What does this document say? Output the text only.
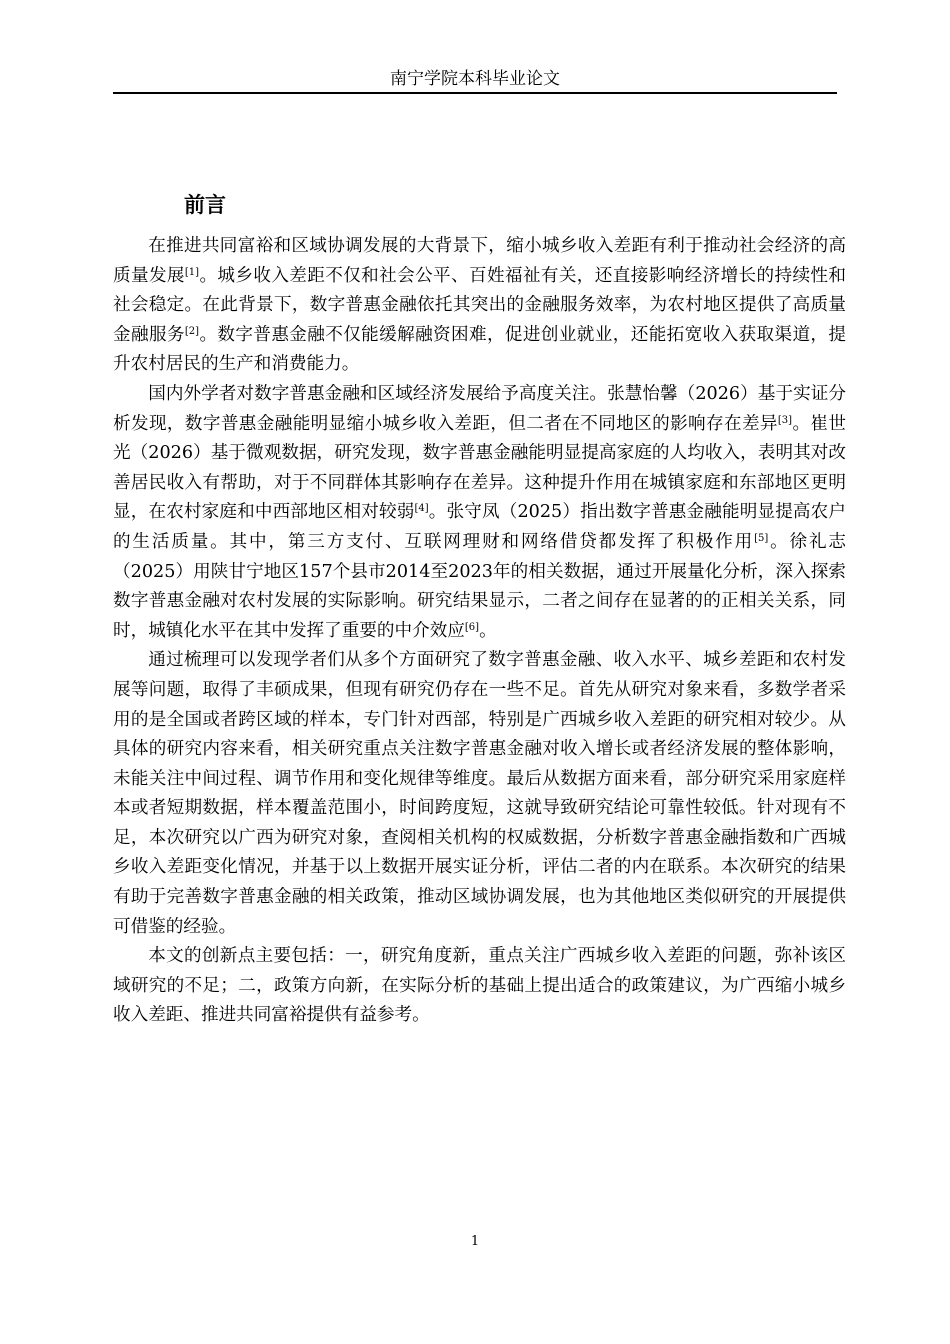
南宁学院本科毕业论文
前言

在推进共同富裕和区域协调发展的大背景下，缩小城乡收入差距有利于推动社会经济的高质量发展[1]。城乡收入差距不仅和社会公平、百姓福祉有关，还直接影响经济增长的持续性和社会稳定。在此背景下，数字普惠金融依托其突出的金融服务效率，为农村地区提供了高质量金融服务[2]。数字普惠金融不仅能缓解融资困难，促进创业就业，还能拓宽收入获取渠道，提升农村居民的生产和消费能力。

国内外学者对数字普惠金融和区域经济发展给予高度关注。张慧怡馨（2026）基于实证分析发现，数字普惠金融能明显缩小城乡收入差距，但二者在不同地区的影响存在差异[3]。崔世光（2026）基于微观数据，研究发现，数字普惠金融能明显提高家庭的人均收入，表明其对改善居民收入有帮助，对于不同群体其影响存在差异。这种提升作用在城镇家庭和东部地区更明显，在农村家庭和中西部地区相对较弱[4]。张守凤（2025）指出数字普惠金融能明显提高农户的生活质量。其中，第三方支付、互联网理财和网络借贷都发挥了积极作用[5]。徐礼志（2025）用陕甘宁地区157个县市2014至2023年的相关数据，通过开展量化分析，深入探索数字普惠金融对农村发展的实际影响。研究结果显示，二者之间存在显著的的正相关关系，同时，城镇化水平在其中发挥了重要的中介效应[6]。

通过梳理可以发现学者们从多个方面研究了数字普惠金融、收入水平、城乡差距和农村发展等问题，取得了丰硕成果，但现有研究仍存在一些不足。首先从研究对象来看，多数学者采用的是全国或者跨区域的样本，专门针对西部，特别是广西城乡收入差距的研究相对较少。从具体的研究内容来看，相关研究重点关注数字普惠金融对收入增长或者经济发展的整体影响，未能关注中间过程、调节作用和变化规律等维度。最后从数据方面来看，部分研究采用家庭样本或者短期数据，样本覆盖范围小，时间跨度短，这就导致研究结论可靠性较低。针对现有不足，本次研究以广西为研究对象，查阅相关机构的权威数据，分析数字普惠金融指数和广西城乡收入差距变化情况，并基于以上数据开展实证分析，评估二者的内在联系。本次研究的结果有助于完善数字普惠金融的相关政策，推动区域协调发展，也为其他地区类似研究的开展提供可借鉴的经验。

本文的创新点主要包括：一，研究角度新，重点关注广西城乡收入差距的问题，弥补该区域研究的不足；二，政策方向新，在实际分析的基础上提出适合的政策建议，为广西缩小城乡收入差距、推进共同富裕提供有益参考。

1
